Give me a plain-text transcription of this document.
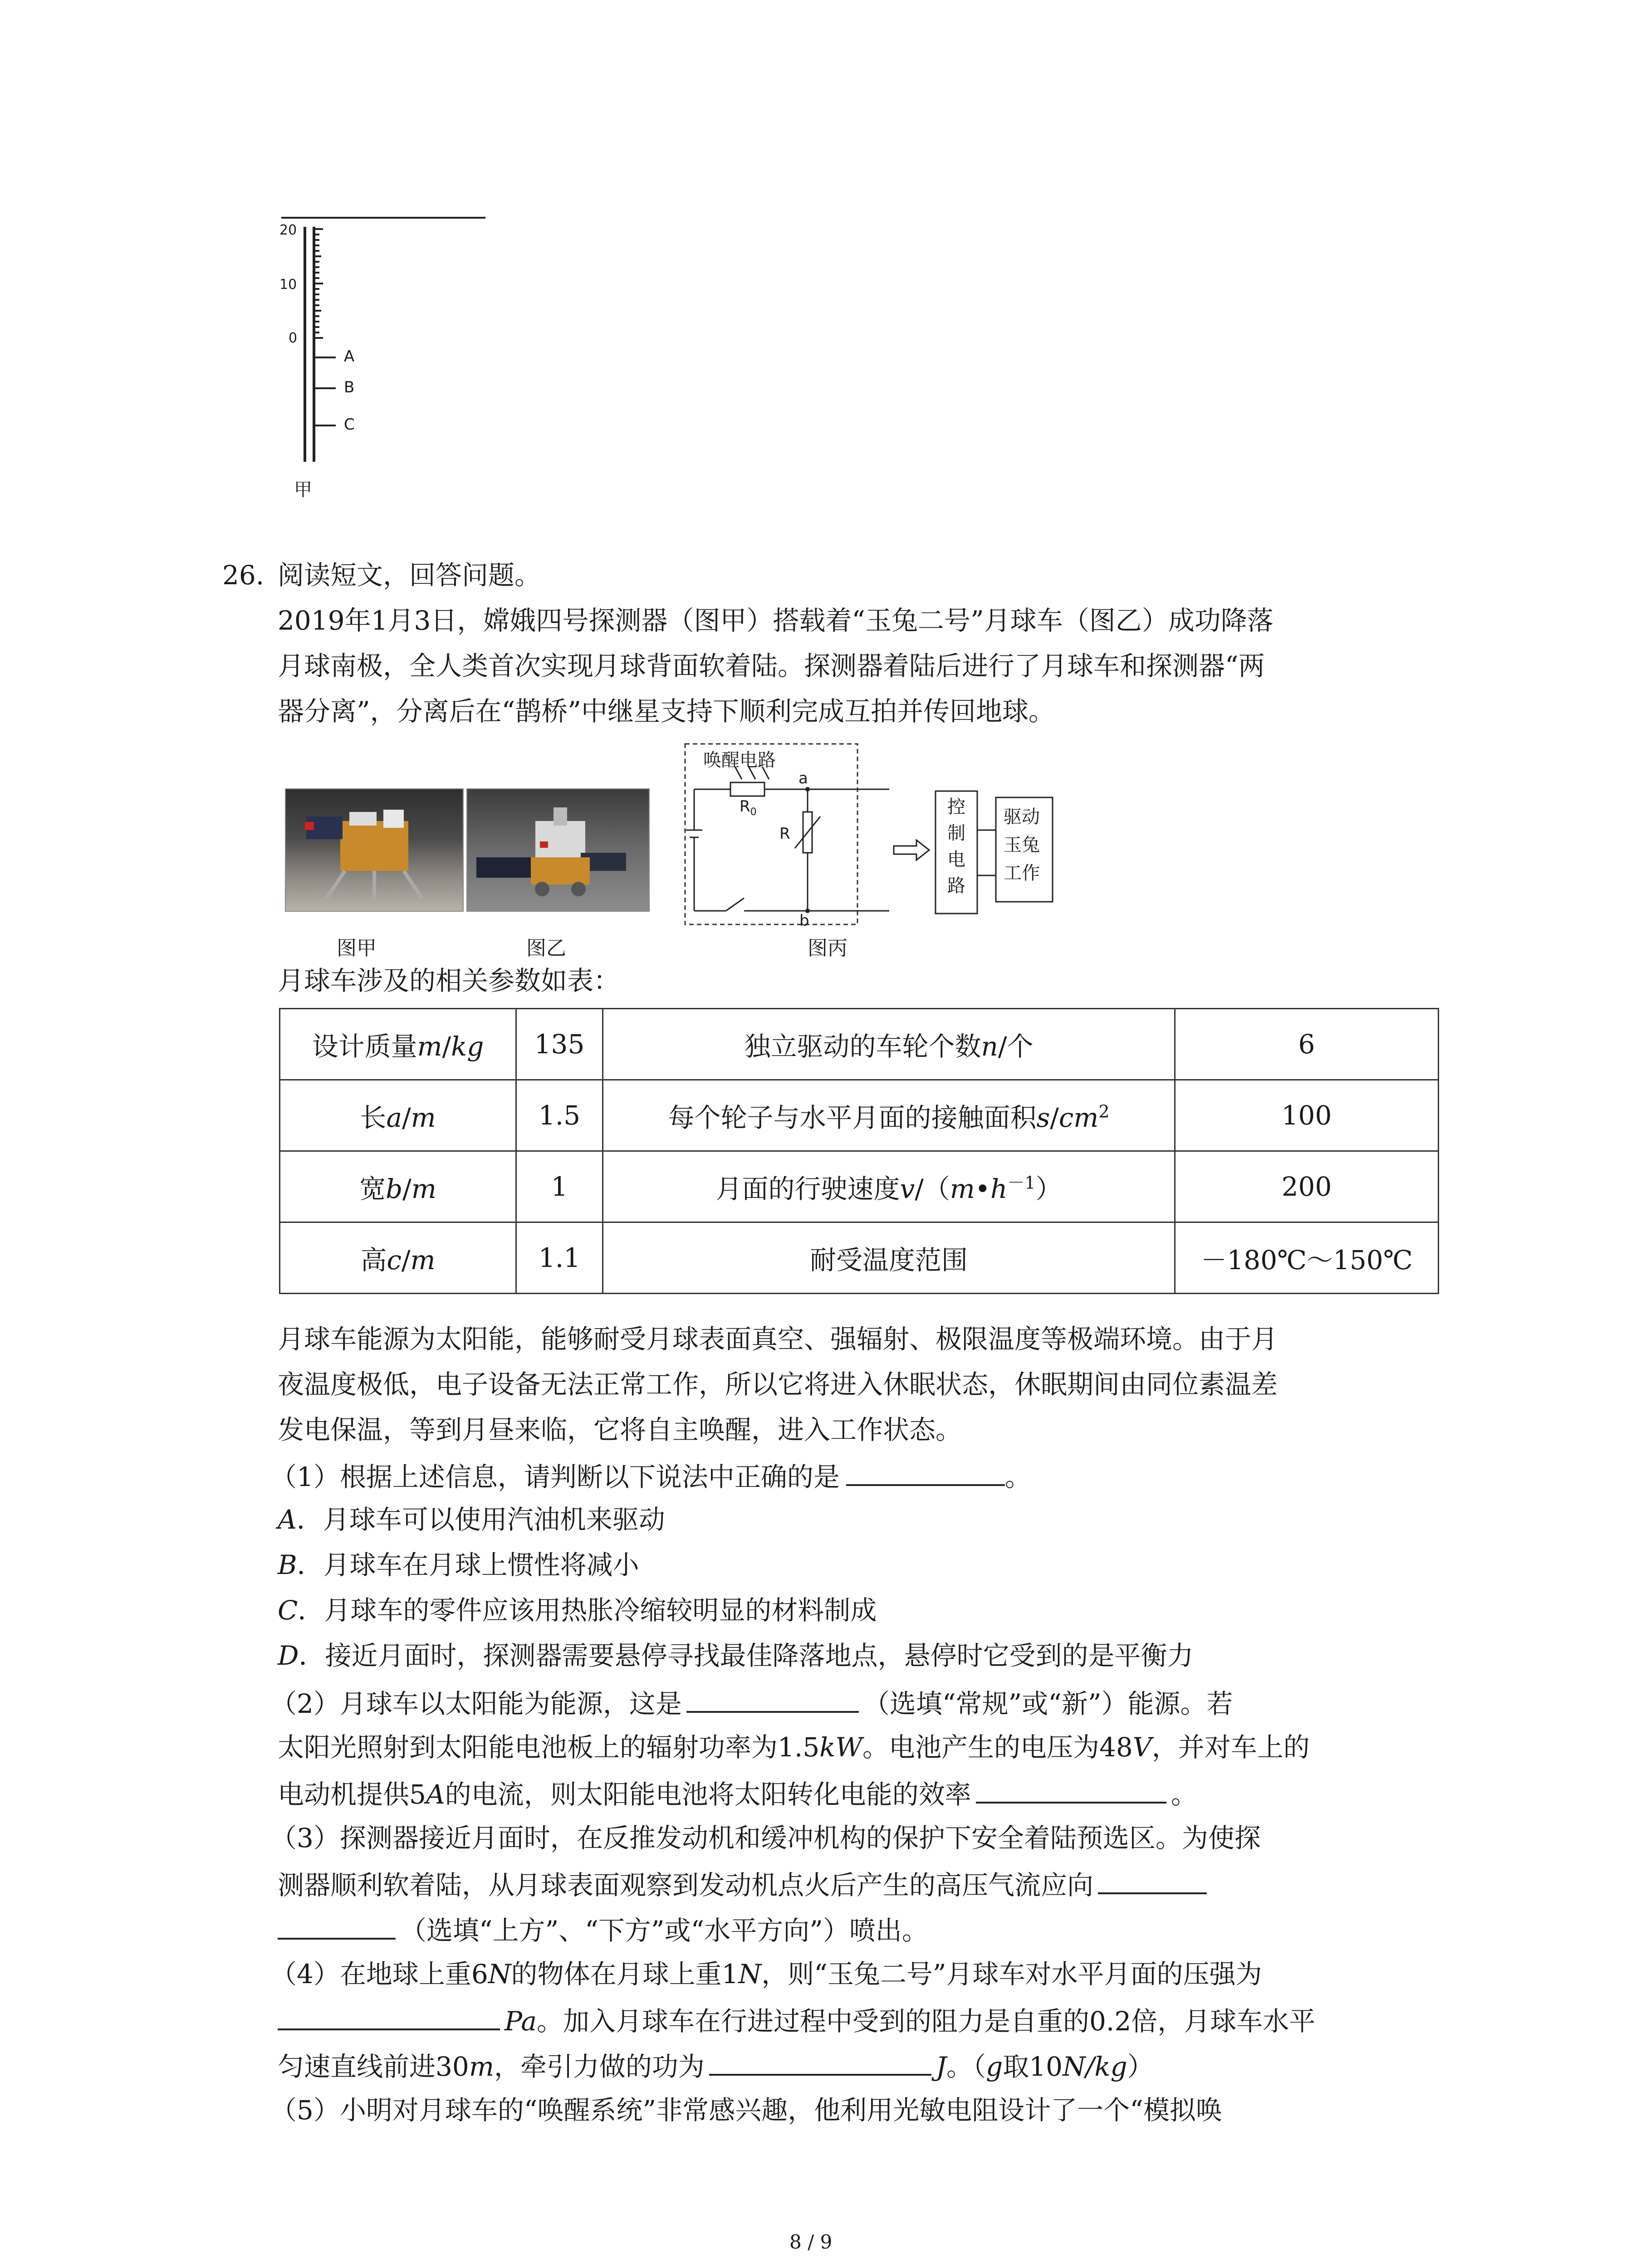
20
10
0
A
B
C
甲
26. 阅读短文，回答问题。
2019年1月3日，嫦娥四号探测器（图甲）搭载着“玉兔二号”月球车（图乙）成功降落
月球南极，全人类首次实现月球背面软着陆。探测器着陆后进行了月球车和探测器“两
器分离”，分离后在“鹊桥”中继星支持下顺利完成互拍并传回地球。
唤醒电路
$R_0$
R
a
b
控
制
电
路
驱动
玉兔
工作
图甲	图乙	图丙
月球车涉及的相关参数如表：
设计质量m/kg	135	独立驱动的车轮个数n/个	6
长a/m	1.5	每个轮子与水平月面的接触面积$s/cm^2$	100
宽b/m	1	月面的行驶速度$v/(m•h^{-1})$	200
高c/m	1.1	耐受温度范围	－180℃～150℃
月球车能源为太阳能，能够耐受月球表面真空、强辐射、极限温度等极端环境。由于月
夜温度极低，电子设备无法正常工作，所以它将进入休眠状态，休眠期间由同位素温差
发电保温，等到月昼来临，它将自主唤醒，进入工作状态。
（1）根据上述信息，请判断以下说法中正确的是	。
A．月球车可以使用汽油机来驱动
B．月球车在月球上惯性将减小
C．月球车的零件应该用热胀冷缩较明显的材料制成
D．接近月面时，探测器需要悬停寻找最佳降落地点，悬停时它受到的是平衡力
（2）月球车以太阳能为能源，这是	（选填“常规”或“新”）能源。若
太阳光照射到太阳能电池板上的辐射功率为1.5kW。电池产生的电压为48V，并对车上的
电动机提供5A的电流，则太阳能电池将太阳转化电能的效率	。
（3）探测器接近月面时，在反推发动机和缓冲机构的保护下安全着陆预选区。为使探
测器顺利软着陆，从月球表面观察到发动机点火后产生的高压气流应向
（选填“上方”、“下方”或“水平方向”）喷出。
（4）在地球上重6N的物体在月球上重1N，则“玉兔二号”月球车对水平月面的压强为
Pa。加入月球车在行进过程中受到的阻力是自重的0.2倍，月球车水平
匀速直线前进30m，牵引力做的功为	J。（g取10N/kg）
（5）小明对月球车的“唤醒系统”非常感兴趣，他利用光敏电阻设计了一个“模拟唤
8 / 9
